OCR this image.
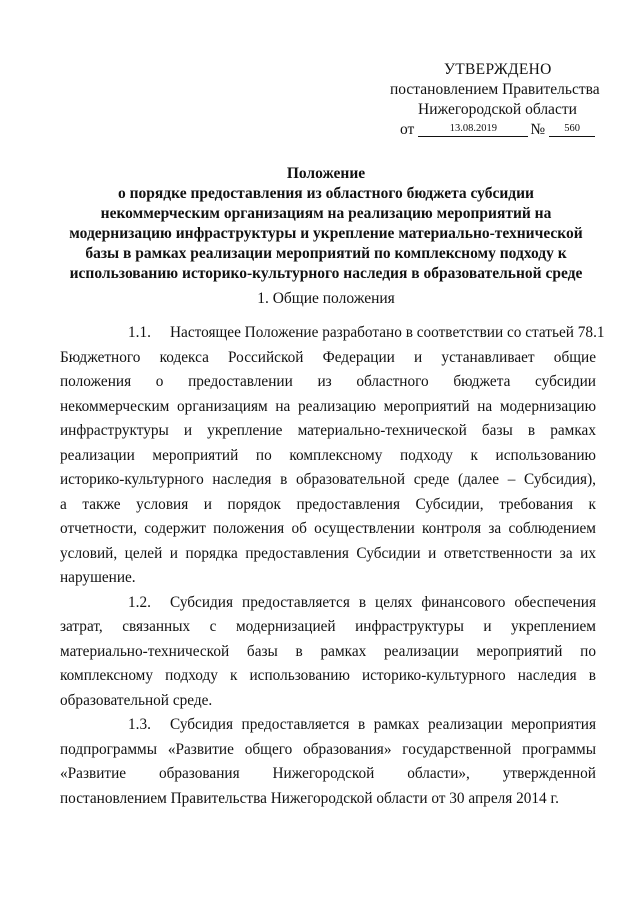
УТВЕРЖДЕНО
постановлением Правительства
Нижегородской области
от	13.08.2019	№	560
Положение
о порядке предоставления из областного бюджета субсидии
некоммерческим организациям на реализацию мероприятий на
модернизацию инфраструктуры и укрепление материально-технической
базы в рамках реализации мероприятий по комплексному подходу к
использованию историко-культурного наследия в образовательной среде
1. Общие положения
1.1. Настоящее Положение разработано в соответствии со статьей 78.1
Бюджетного кодекса Российской Федерации и устанавливает общие
положения о предоставлении из областного бюджета субсидии
некоммерческим организациям на реализацию мероприятий на модернизацию
инфраструктуры и укрепление материально-технической базы в рамках
реализации мероприятий по комплексному подходу к использованию
историко-культурного наследия в образовательной среде (далее – Субсидия),
а также условия и порядок предоставления Субсидии, требования к
отчетности, содержит положения об осуществлении контроля за соблюдением
условий, целей и порядка предоставления Субсидии и ответственности за их
нарушение.
1.2. Субсидия предоставляется в целях финансового обеспечения
затрат, связанных с модернизацией инфраструктуры и укреплением
материально-технической базы в рамках реализации мероприятий по
комплексному подходу к использованию историко-культурного наследия в
образовательной среде.
1.3. Субсидия предоставляется в рамках реализации мероприятия
подпрограммы «Развитие общего образования» государственной программы
«Развитие образования Нижегородской области», утвержденной
постановлением Правительства Нижегородской области от 30 апреля 2014 г.
